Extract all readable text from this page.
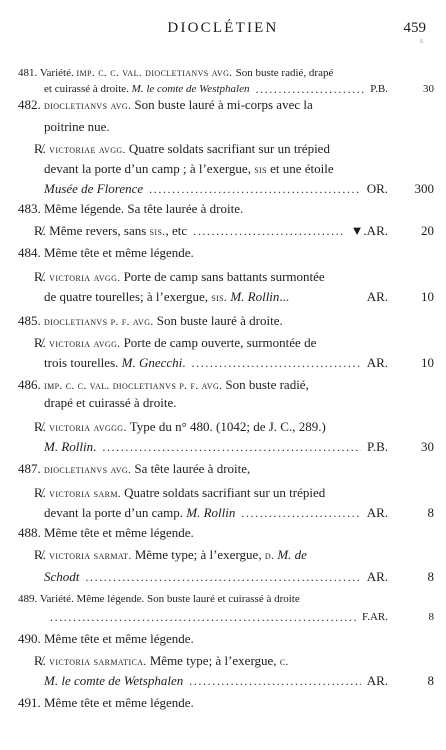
DIOCLÉTIEN	459
r.
481. Variété. imp. c. c. val. diocletianvs avg. Son buste radié, drapé
et cuirassé à droite. M. le comte de Westphalen	P.B.	30
.....
482. diocletianvs avg. Son buste lauré à mi-corps avec la
poitrine nue.
R̸. victoriae avgg. Quatre soldats sacrifiant sur un trépied
devant la porte d’un camp ; à l’exergue, sis et une étoile
Musée de Florence	OR.	300
.....
483. Même légende. Sa tête laurée à droite.
R̸. Même revers, sans sis., etc	▼.AR.	20
.....
484. Même tête et même légende.
R̸. victoria avgg. Porte de camp sans battants surmontée
de quatre tourelles; à l’exergue, sis. M. Rollin...	AR.	10
485. diocletianvs p. f. avg. Son buste lauré à droite.
R̸. victoria avgg. Porte de camp ouverte, surmontée de
trois tourelles. M. Gnecchi.	AR.	10
.....
486. imp. c. c. val. diocletianvs p. f. avg. Son buste radié,
drapé et cuirassé à droite.
R̸. victoria avggg. Type du n° 480. (1042; de J. C., 289.)
M. Rollin.	P.B.	30
.....
487. diocletianvs avg. Sa tête laurée à droite,
R̸. victoria sarm. Quatre soldats sacrifiant sur un trépied
devant la porte d’un camp. M. Rollin	AR.	8
.....
488. Même tête et même légende.
R̸. victoria sarmat. Même type; à l’exergue, d. M. de
Schodt	AR.	8
.....
489. Variété. Même légende. Son buste lauré et cuirassé à droite
F.AR.	8
.....
490. Même tête et même légende.
R̸. victoria sarmatica. Même type; à l’exergue, c.
M. le comte de Wetsphalen	AR.	8
.....
491. Même tête et même légende.
